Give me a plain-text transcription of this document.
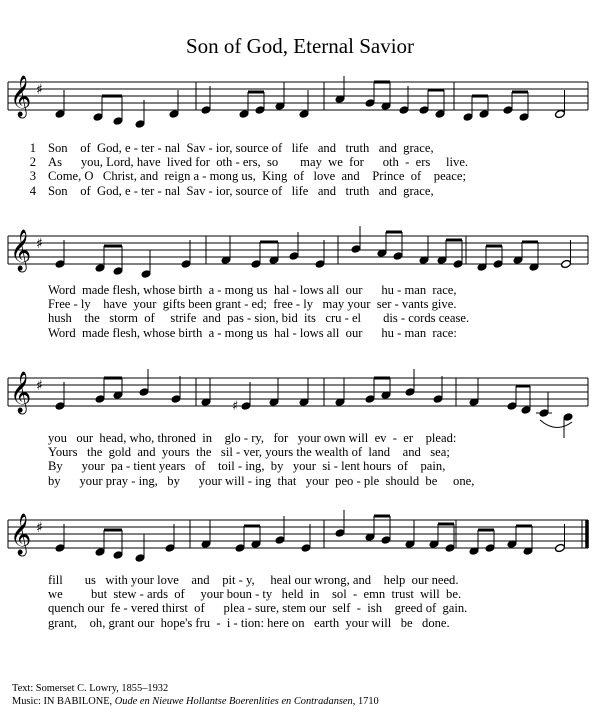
Son of God, Eternal Savior
𝄞 ♯
1 Son    of  God, e - ter - nal  Sav - ior, source of   life   and   truth   and  grace,
2 As      you, Lord, have  lived for  oth - ers,  so       may  we  for      oth  -  ers     live.
3 Come, O   Christ, and  reign a - mong us,  King  of   love  and    Prince  of    peace;
4 Son    of  God, e - ter - nal  Sav - ior, source of   life   and   truth   and  grace,
𝄞 ♯
Word  made flesh, whose birth  a - mong us  hal - lows all  our      hu - man  race,
Free - ly    have  your  gifts been grant - ed;  free - ly   may your  ser - vants give.
hush    the   storm  of     strife  and  pas - sion, bid  its   cru - el       dis - cords cease.
Word  made flesh, whose birth  a - mong us  hal - lows all  our      hu - man  race:
𝄞 ♯
♯
you   our  head, who, throned  in    glo - ry,   for   your own will  ev  -  er    plead:
Yours   the  gold  and  yours  the   sil - ver, yours the wealth of  land    and   sea;
By      your  pa - tient years   of    toil - ing,  by   your  si - lent hours  of    pain,
by      your pray - ing,   by      your will - ing  that   your  peo - ple  should  be     one,
𝄞 ♯
fill       us   with your love    and    pit - y,     heal our wrong, and    help  our need.
we         but  stew - ards  of     your boun - ty   held  in    sol  -  emn  trust  will  be.
quench our  fe - vered thirst  of      plea - sure, stem our  self  -  ish    greed of  gain.
grant,    oh, grant our  hope's fru  -  i - tion: here on   earth  your will   be   done.
Text: Somerset C. Lowry, 1855–1932
Music: IN BABILONE, Oude en Nieuwe Hollantse Boerenlities en Contradansen, 1710
